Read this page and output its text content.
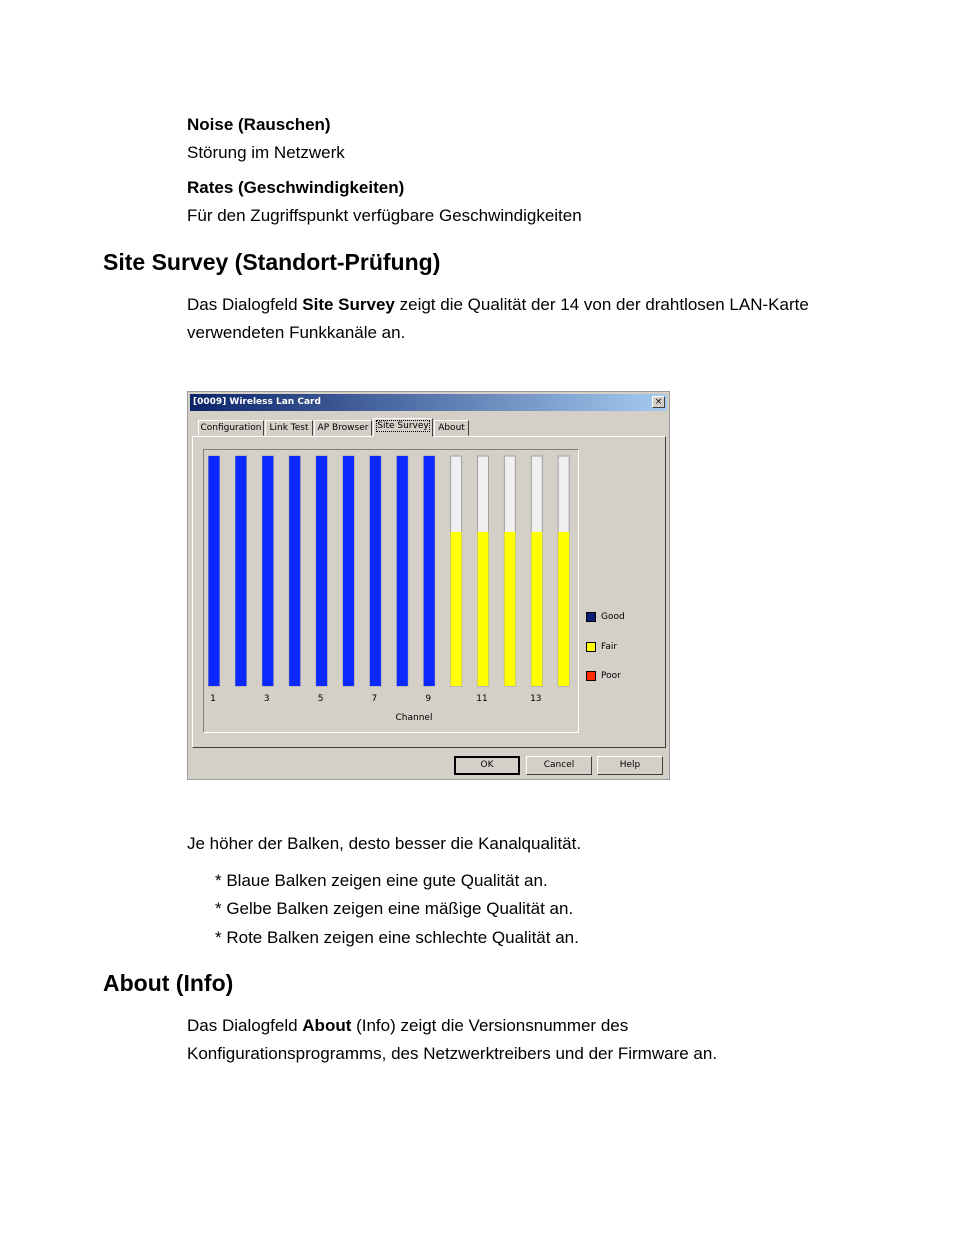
Noise (Rauschen)
Störung im Netzwerk
Rates (Geschwindigkeiten)
Für den Zugriffspunkt verfügbare Geschwindigkeiten
Site Survey (Standort-Prüfung)

Das Dialogfeld Site Survey zeigt die Qualität der 14 von der drahtlosen LAN-Karte verwendeten Funkkanäle an.

[0009] Wireless Lan Card	×
Configuration Link Test	AP Browser Site Survey	About
1	3	5	7	9	11	13
Channel
Good
Fair
Poor
OK	Cancel	Help
Je höher der Balken, desto besser die Kanalqualität.
* Blaue Balken zeigen eine gute Qualität an.
* Gelbe Balken zeigen eine mäßige Qualität an.
* Rote Balken zeigen eine schlechte Qualität an.
About (Info)

Das Dialogfeld About (Info) zeigt die Versionsnummer des Konfigurationsprogramms, des Netzwerktreibers und der Firmware an.
